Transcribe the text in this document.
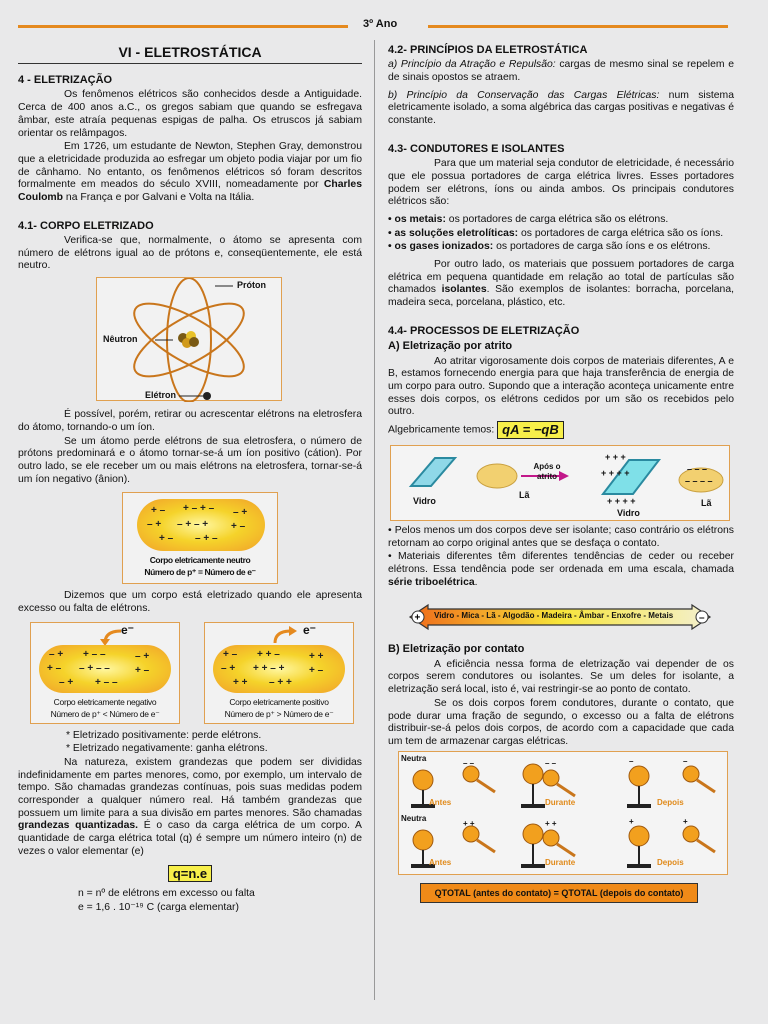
3º Ano
VI - ELETROSTÁTICA
4 - ELETRIZAÇÃO

Os fenômenos elétricos são conhecidos desde a Antiguidade. Cerca de 400 anos a.C., os gregos sabiam que quando se esfregava âmbar, este atraía pequenas espigas de palha. Os etruscos já sabiam orientar os relâmpagos.

Em 1726, um estudante de Newton, Stephen Gray, demonstrou que a eletricidade produzida ao esfregar um objeto podia viajar por um fio de cânhamo. No entanto, os fenômenos elétricos só foram descritos formalmente em meados do século XVIII, nomeadamente por Charles Coulomb na França e por Galvani e Volta na Itália.

4.1- CORPO ELETRIZADO

Verifica-se que, normalmente, o átomo se apresenta com número de elétrons igual ao de prótons e, conseqüentemente, ele está neutro.

Próton
Nêutron
Elétron

É possível, porém, retirar ou acrescentar elétrons na eletrosfera do átomo, tornando-o um íon.

Se um átomo perde elétrons de sua eletrosfera, o número de prótons predominará e o átomo tornar-se-á um íon positivo (cátion). Por outro lado, se ele receber um ou mais elétrons na eletrosfera, tornar-se-á um íon negativo (ânion).

+ – + – + – – +
– + – + – + + –
+ – – + –
Corpo eletricamente neutro
Número de p⁺ = Número de e⁻

Dizemos que um corpo está eletrizado quando ele apresenta excesso ou falta de elétrons.

e⁻
– + + – –	– +
+ – – + – –	+ –
– + + – –
Corpo eletricamente negativo
Número de p⁺ < Número de e⁻
e⁻
+ – + + –	+ +
– + + + – + + –
+ + – + +
Corpo eletricamente positivo
Número de p⁺ > Número de e⁻

* Eletrizado positivamente: perde elétrons.

* Eletrizado negativamente: ganha elétrons.

Na natureza, existem grandezas que podem ser divididas indefinidamente em partes menores, como, por exemplo, um intervalo de tempo. São chamadas grandezas contínuas, pois suas medidas podem corresponder a qualquer número real. Há também grandezas que possuem um limite para a sua divisão em partes menores. São chamadas grandezas quantizadas. É o caso da carga elétrica de um corpo. A quantidade de carga elétrica total (q) é sempre um número inteiro (n) de vezes o valor elementar (e)

q=n.e

n = nº de elétrons em excesso ou falta

e = 1,6 . 10⁻¹⁹ C (carga elementar)

4.2- PRINCÍPIOS DA ELETROSTÁTICA

a) Princípio da Atração e Repulsão: cargas de mesmo sinal se repelem e de sinais opostos se atraem.

b) Princípio da Conservação das Cargas Elétricas: num sistema eletricamente isolado, a soma algébrica das cargas positivas e negativas é constante.

4.3- CONDUTORES E ISOLANTES

Para que um material seja condutor de eletricidade, é necessário que ele possua portadores de carga elétrica livres. Esses portadores podem ser elétrons, íons ou ainda ambos. Os principais condutores elétricos são:

• os metais: os portadores de carga elétrica são os elétrons.
• as soluções eletrolíticas: os portadores de carga elétrica são os íons.
• os gases ionizados: os portadores de carga são íons e os elétrons.

Por outro lado, os materiais que possuem portadores de carga elétrica em pequena quantidade em relação ao total de partículas são chamados isolantes. São exemplos de isolantes: borracha, porcelana, madeira seca, porcelana, plástico, etc.

4.4- PROCESSOS DE ELETRIZAÇÃO
A) Eletrização por atrito

Ao atritar vigorosamente dois corpos de materiais diferentes, A e B, estamos fornecendo energia para que haja transferência de energia de um corpo para outro. Supondo que a interação aconteça unicamente entre esses dois corpos, os elétrons cedidos por um são os recebidos pelo outro.

Algebricamente temos: qA = −qB
+ + +
+ + + +
+ + + +
– – –
– – – –
Vidro
Lã
Após o atrito
Vidro
Lã

• Pelos menos um dos corpos deve ser isolante; caso contrário os elétrons retornam ao corpo original antes que se desfaça o contato.

• Materiais diferentes têm diferentes tendências de ceder ou receber elétrons. Essa tendência pode ser ordenada em uma escala, chamada série triboelétrica.

+	–
Vidro - Mica - Lã - Algodão - Madeira - Âmbar - Enxofre - Metais
B) Eletrização por contato

A eficiência nessa forma de eletrização vai depender de os corpos serem condutores ou isolantes. Se um deles for isolante, a eletrização será local, isto é, vai restringir-se ao ponto de contato.

Se os dois corpos forem condutores, durante o contato, que pode durar uma fração de segundo, o excesso ou a falta de elétrons distribuir-se-á pelos dois corpos, de acordo com a capacidade que cada um tem de armazenar cargas elétricas.

– –	– –	–	–
+ +	+ +	+	+
Neutra
Antes	Durante	Depois
Neutra
Antes	Durante	Depois
QTOTAL (antes do contato) = QTOTAL (depois do contato)
